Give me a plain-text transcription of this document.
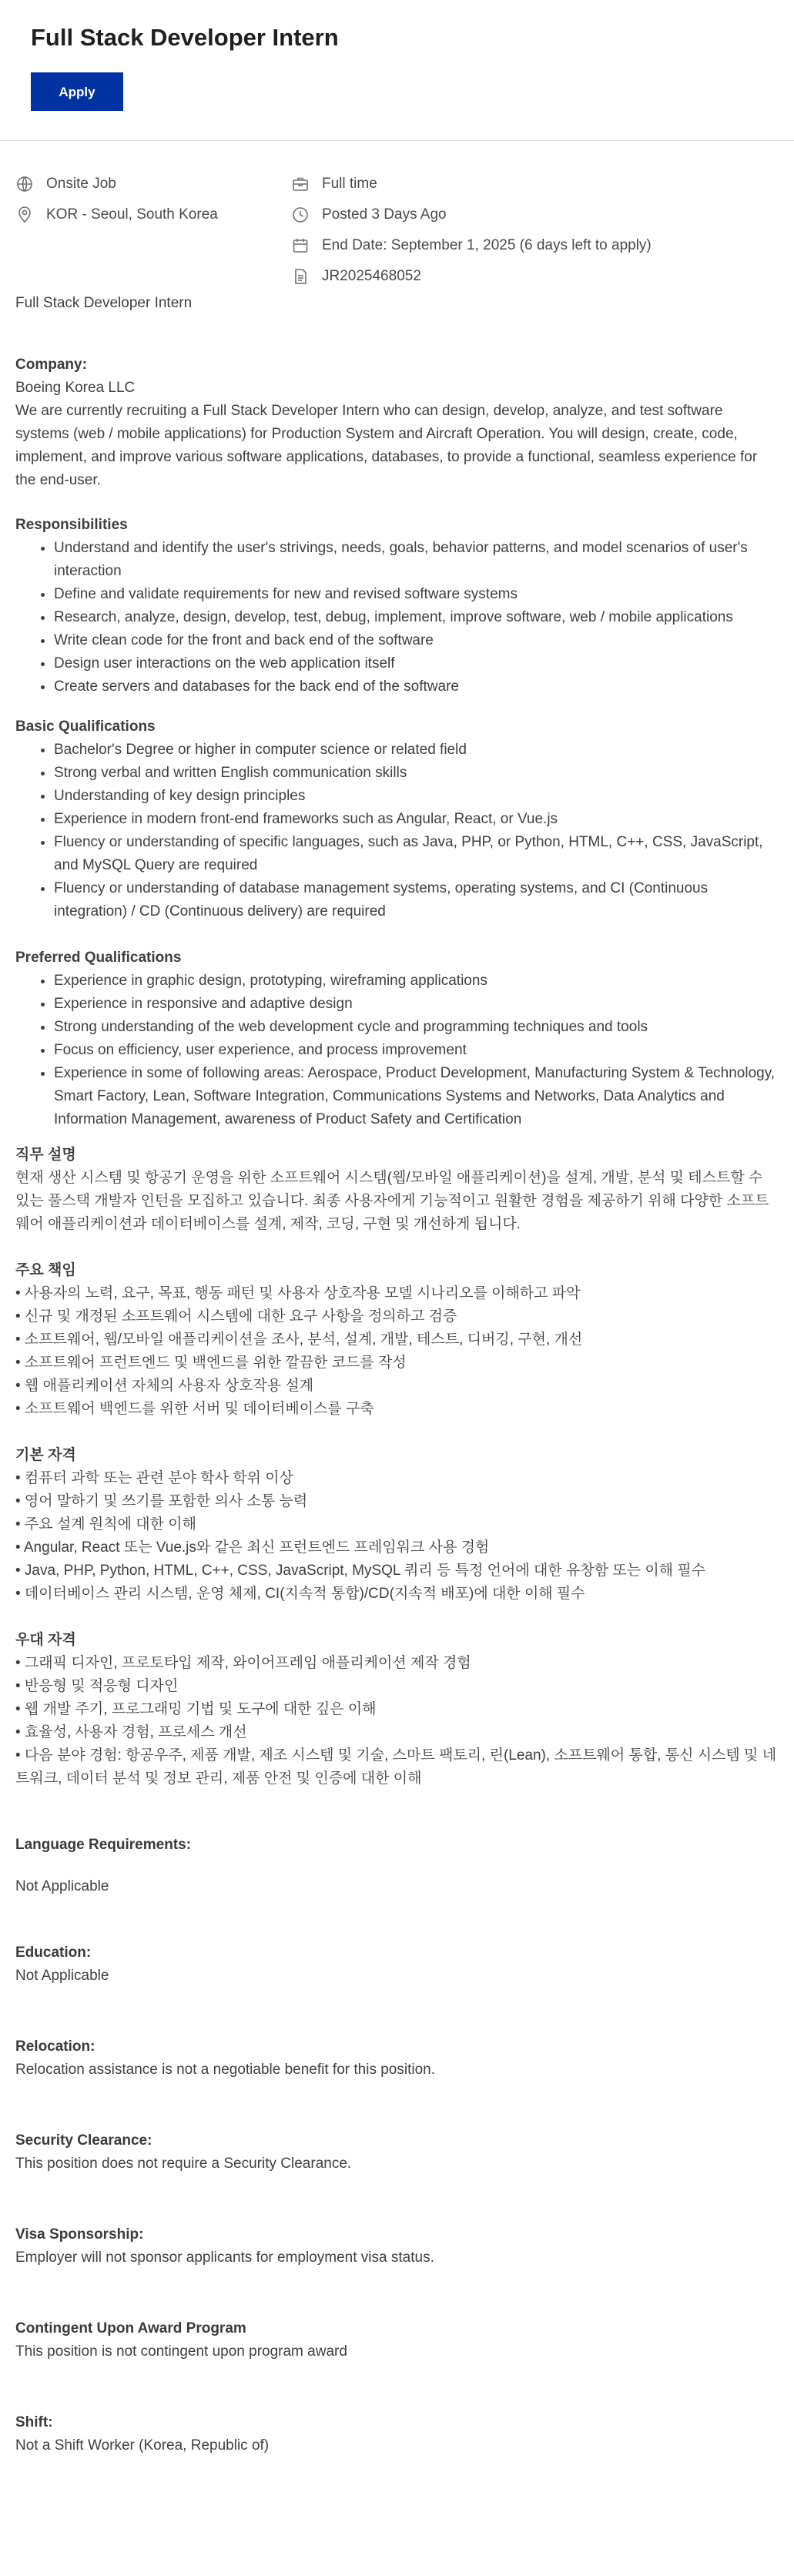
Full Stack Developer Intern
Apply
Onsite Job
KOR - Seoul, South Korea
Full time
Posted 3 Days Ago
End Date: September 1, 2025 (6 days left to apply)
JR2025468052

Full Stack Developer Intern

Company:

Boeing Korea LLC

We are currently recruiting a Full Stack Developer Intern who can design, develop, analyze, and test software systems (web / mobile applications) for Production System and Aircraft Operation. You will design, create, code, implement, and improve various software applications, databases, to provide a functional, seamless experience for the end-user.

Responsibilities

• Understand and identify the user's strivings, needs, goals, behavior patterns, and model scenarios of user's interaction
• Define and validate requirements for new and revised software systems
• Research, analyze, design, develop, test, debug, implement, improve software, web / mobile applications
• Write clean code for the front and back end of the software
• Design user interactions on the web application itself
• Create servers and databases for the back end of the software

Basic Qualifications

• Bachelor's Degree or higher in computer science or related field
• Strong verbal and written English communication skills
• Understanding of key design principles
• Experience in modern front-end frameworks such as Angular, React, or Vue.js
• Fluency or understanding of specific languages, such as Java, PHP, or Python, HTML, C++, CSS, JavaScript, and MySQL Query are required
• Fluency or understanding of database management systems, operating systems, and CI (Continuous integration) / CD (Continuous delivery) are required

Preferred Qualifications

• Experience in graphic design, prototyping, wireframing applications
• Experience in responsive and adaptive design
• Strong understanding of the web development cycle and programming techniques and tools
• Focus on efficiency, user experience, and process improvement
• Experience in some of following areas: Aerospace, Product Development, Manufacturing System & Technology, Smart Factory, Lean, Software Integration, Communications Systems and Networks, Data Analytics and Information Management, awareness of Product Safety and Certification

직무 설명

현재 생산 시스템 및 항공기 운영을 위한 소프트웨어 시스템(웹/모바일 애플리케이션)을 설계, 개발, 분석 및 테스트할 수 있는 풀스택 개발자 인턴을 모집하고 있습니다. 최종 사용자에게 기능적이고 원활한 경험을 제공하기 위해 다양한 소프트웨어 애플리케이션과 데이터베이스를 설계, 제작, 코딩, 구현 및 개선하게 됩니다.

주요 책임

• 사용자의 노력, 요구, 목표, 행동 패턴 및 사용자 상호작용 모델 시나리오를 이해하고 파악

• 신규 및 개정된 소프트웨어 시스템에 대한 요구 사항을 정의하고 검증

• 소프트웨어, 웹/모바일 애플리케이션을 조사, 분석, 설계, 개발, 테스트, 디버깅, 구현, 개선

• 소프트웨어 프런트엔드 및 백엔드를 위한 깔끔한 코드를 작성

• 웹 애플리케이션 자체의 사용자 상호작용 설계

• 소프트웨어 백엔드를 위한 서버 및 데이터베이스를 구축

기본 자격

• 컴퓨터 과학 또는 관련 분야 학사 학위 이상

• 영어 말하기 및 쓰기를 포함한 의사 소통 능력

• 주요 설계 원칙에 대한 이해

• Angular, React 또는 Vue.js와 같은 최신 프런트엔드 프레임워크 사용 경험

• Java, PHP, Python, HTML, C++, CSS, JavaScript, MySQL 쿼리 등 특정 언어에 대한 유창함 또는 이해 필수

• 데이터베이스 관리 시스템, 운영 체제, CI(지속적 통합)/CD(지속적 배포)에 대한 이해 필수

우대 자격

• 그래픽 디자인, 프로토타입 제작, 와이어프레임 애플리케이션 제작 경험

• 반응형 및 적응형 디자인

• 웹 개발 주기, 프로그래밍 기법 및 도구에 대한 깊은 이해

• 효율성, 사용자 경험, 프로세스 개선

• 다음 분야 경험: 항공우주, 제품 개발, 제조 시스템 및 기술, 스마트 팩토리, 린(Lean), 소프트웨어 통합, 통신 시스템 및 네트워크, 데이터 분석 및 정보 관리, 제품 안전 및 인증에 대한 이해

Language Requirements:

Not Applicable

Education:

Not Applicable

Relocation:

Relocation assistance is not a negotiable benefit for this position.

Security Clearance:

This position does not require a Security Clearance.

Visa Sponsorship:

Employer will not sponsor applicants for employment visa status.

Contingent Upon Award Program

This position is not contingent upon program award

Shift:

Not a Shift Worker (Korea, Republic of)
